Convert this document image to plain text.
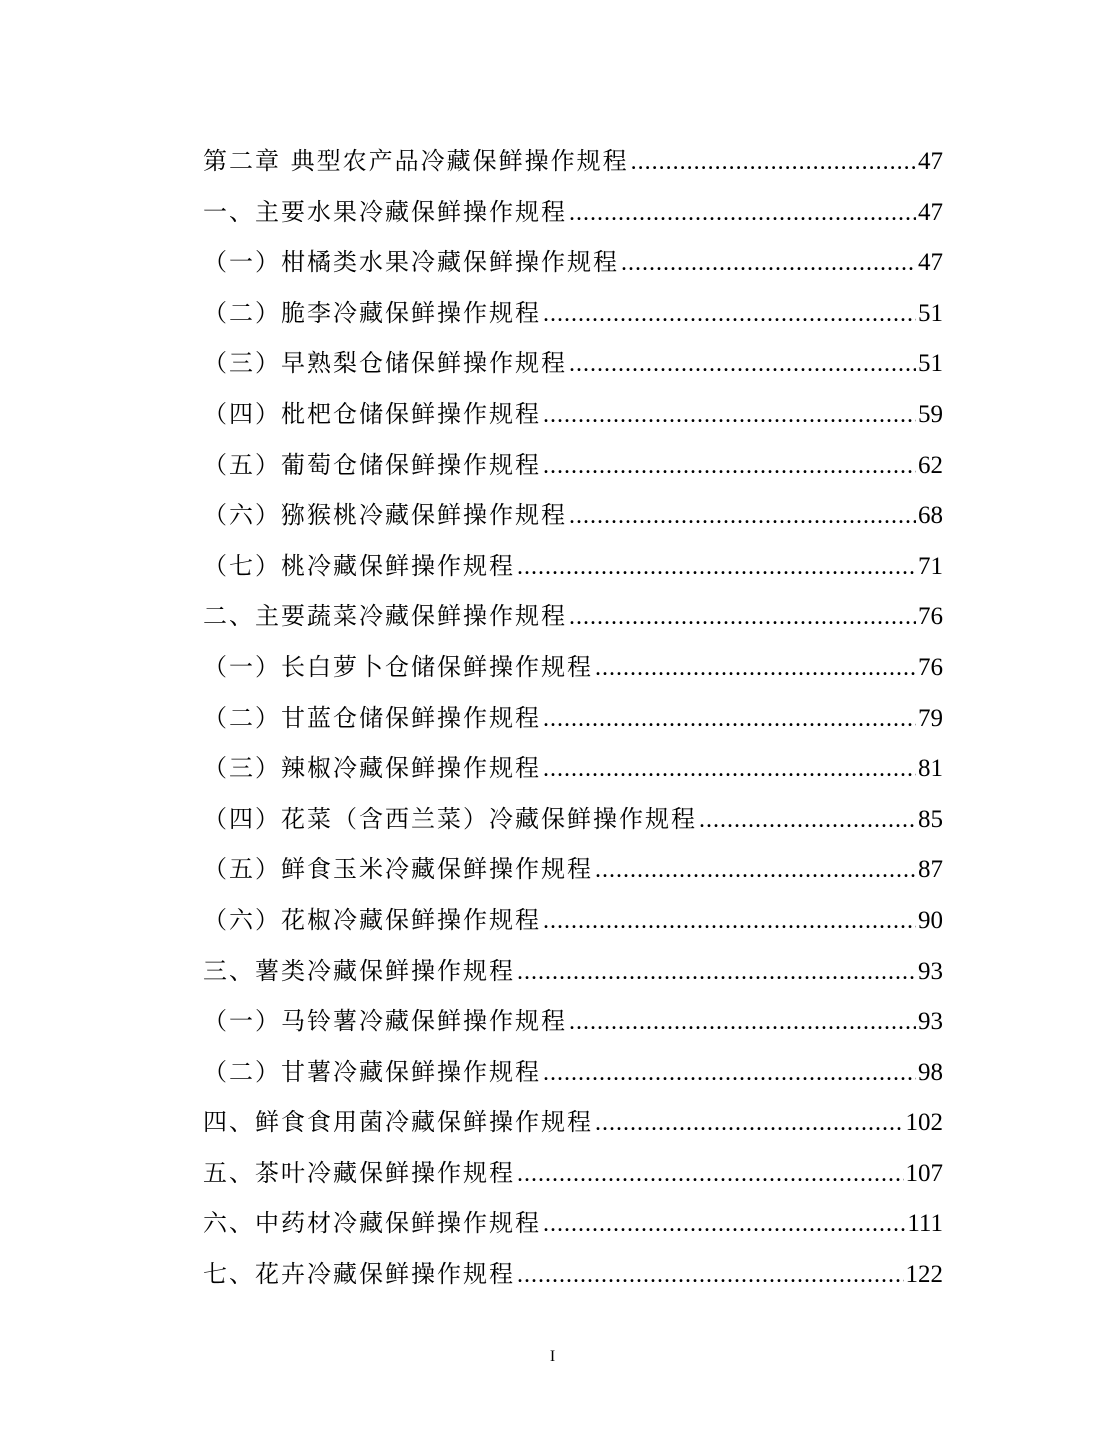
第二章 典型农产品冷藏保鲜操作规程 .....	47
一、主要水果冷藏保鲜操作规程 .....	47
（一）柑橘类水果冷藏保鲜操作规程 .....	47
（二）脆李冷藏保鲜操作规程 .....	51
（三）早熟梨仓储保鲜操作规程 .....	51
（四）枇杷仓储保鲜操作规程 .....	59
（五）葡萄仓储保鲜操作规程 .....	62
（六）猕猴桃冷藏保鲜操作规程 .....	68
（七）桃冷藏保鲜操作规程 .....	71
二、主要蔬菜冷藏保鲜操作规程 .....	76
（一）长白萝卜仓储保鲜操作规程 .....	76
（二）甘蓝仓储保鲜操作规程 .....	79
（三）辣椒冷藏保鲜操作规程 .....	81
（四）花菜（含西兰菜）冷藏保鲜操作规程 .....	85
（五）鲜食玉米冷藏保鲜操作规程 .....	87
（六）花椒冷藏保鲜操作规程 .....	90
三、薯类冷藏保鲜操作规程 .....	93
（一）马铃薯冷藏保鲜操作规程 .....	93
（二）甘薯冷藏保鲜操作规程 .....	98
四、鲜食食用菌冷藏保鲜操作规程 .....	102
五、茶叶冷藏保鲜操作规程 .....	107
六、中药材冷藏保鲜操作规程 .....	111
七、花卉冷藏保鲜操作规程 .....	122
I
